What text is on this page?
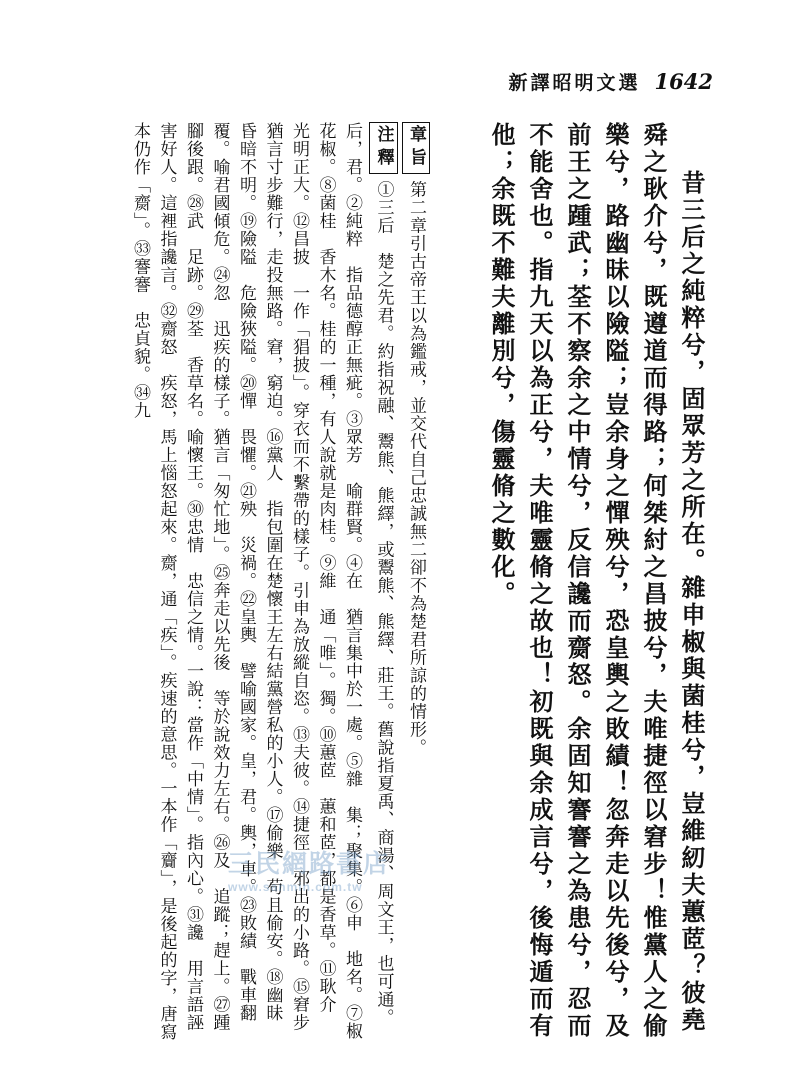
新譯昭明文選 1642

昔三后之純粹兮，固眾芳之所在。雜申椒與菌桂兮，豈維紉夫蕙茝？彼堯舜之耿介兮，既遵道而得路；何桀紂之昌披兮，夫唯捷徑以窘步！惟黨人之偷樂兮，路幽昧以險隘；豈余身之憚殃兮，恐皇輿之敗績！忽奔走以先後兮，及前王之踵武；荃不察余之中情兮，反信讒而齌怒。余固知謇謇之為患兮，忍而不能舍也。指九天以為正兮，夫唯靈脩之故也！初既與余成言兮，後悔遁而有他；余既不難夫離別兮，傷靈脩之數化。

章旨 第二章引古帝王以為鑑戒，並交代自己忠誠無二卻不為楚君所諒的情形。

注釋 ①三后　楚之先君。約指祝融、鬻熊、熊繹，或鬻熊、熊繹、莊王。舊說指夏禹、商湯、周文王，也可通。后，君。②純粹　指品德醇正無疵。③眾芳　喻群賢。④在　猶言集中於一處。⑤雜　集；聚集。⑥申　地名。⑦椒　花椒。⑧菌桂　香木名。桂的一種，有人說就是肉桂。⑨維　通「唯」。獨。⑩蕙茝　蕙和茝，都是香草。⑪耿介　光明正大。⑫昌披　一作「猖披」。穿衣而不繫帶的樣子。引申為放縱自恣。⑬夫彼。⑭捷徑　邪出的小路。⑮窘步　猶言寸步難行，走投無路。窘，窮迫。⑯黨人　指包圍在楚懷王左右結黨營私的小人。⑰偷樂　苟且偷安。⑱幽昧　昏暗不明。⑲險隘　危險狹隘。⑳憚　畏懼。㉑殃　災禍。㉒皇輿　譬喻國家。皇，君。輿，車。㉓敗績　戰車翻覆。喻君國傾危。㉔忽　迅疾的樣子。猶言「匆忙地」。㉕奔走以先後　等於說效力左右。㉖及　追蹤；趕上。㉗踵　腳後跟。㉘武　足跡。㉙荃　香草名。喻懷王。㉚忠情　忠信之情。一說：當作「中情」。指內心。㉛讒　用言語誣害好人。這裡指讒言。㉜齌怒　疾怒，馬上惱怒起來。齌，通「疾」。疾速的意思。一本作「齎」，是後起的字，唐寫本仍作「齌」。㉝謇謇　忠貞貌。㉞九

三民網路書店
www.sanmin.com.tw
